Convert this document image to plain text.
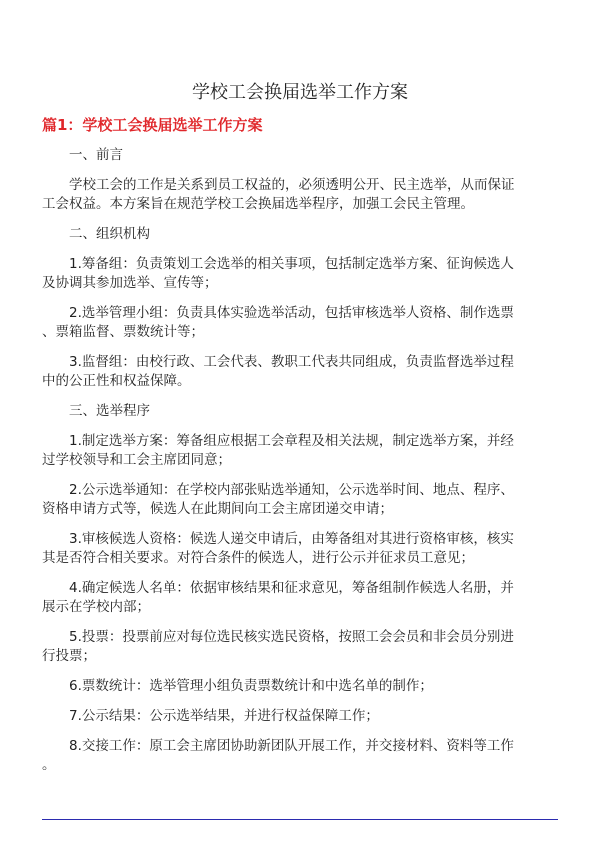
学校工会换届选举工作方案
篇1：学校工会换届选举工作方案

一、前言

学校工会的工作是关系到员工权益的，必须透明公开、民主选举，从而保证
工会权益。本方案旨在规范学校工会换届选举程序，加强工会民主管理。

二、组织机构

1.筹备组：负责策划工会选举的相关事项，包括制定选举方案、征询候选人
及协调其参加选举、宣传等；

2.选举管理小组：负责具体实验选举活动，包括审核选举人资格、制作选票
、票箱监督、票数统计等；

3.监督组：由校行政、工会代表、教职工代表共同组成，负责监督选举过程
中的公正性和权益保障。

三、选举程序

1.制定选举方案：筹备组应根据工会章程及相关法规，制定选举方案，并经
过学校领导和工会主席团同意；

2.公示选举通知：在学校内部张贴选举通知，公示选举时间、地点、程序、
资格申请方式等，候选人在此期间向工会主席团递交申请；

3.审核候选人资格：候选人递交申请后，由筹备组对其进行资格审核，核实
其是否符合相关要求。对符合条件的候选人，进行公示并征求员工意见；

4.确定候选人名单：依据审核结果和征求意见，筹备组制作候选人名册，并
展示在学校内部；

5.投票：投票前应对每位选民核实选民资格，按照工会会员和非会员分别进
行投票；

6.票数统计：选举管理小组负责票数统计和中选名单的制作；

7.公示结果：公示选举结果，并进行权益保障工作；

8.交接工作：原工会主席团协助新团队开展工作，并交接材料、资料等工作
。
